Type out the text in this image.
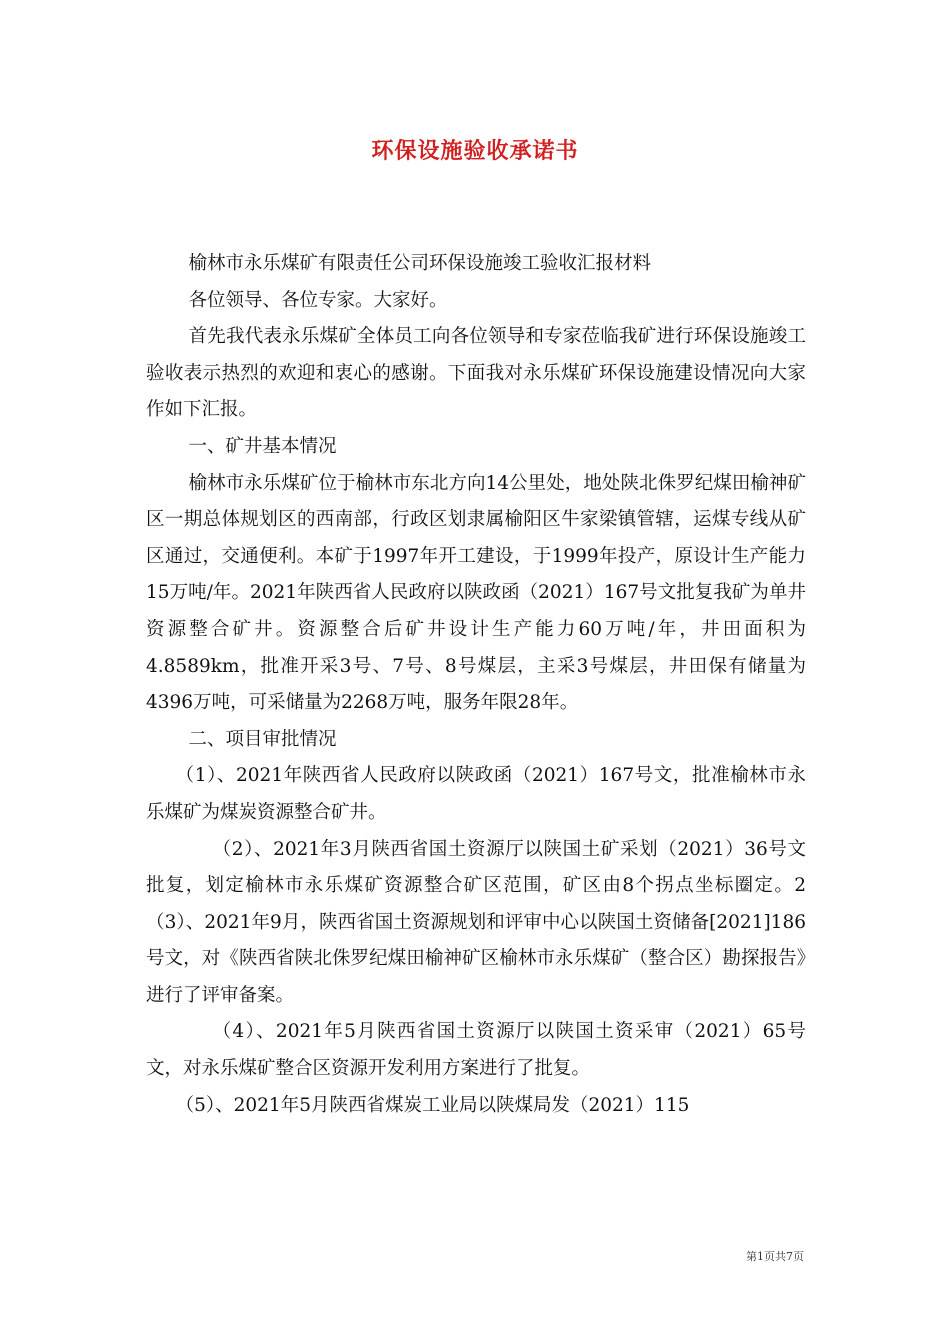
环保设施验收承诺书

榆林市永乐煤矿有限责任公司环保设施竣工验收汇报材料

各位领导、各位专家。大家好。

首先我代表永乐煤矿全体员工向各位领导和专家莅临我矿进行环保设施竣工验收表示热烈的欢迎和衷心的感谢。下面我对永乐煤矿环保设施建设情况向大家作如下汇报。

一、矿井基本情况

榆林市永乐煤矿位于榆林市东北方向14公里处，地处陕北侏罗纪煤田榆神矿区一期总体规划区的西南部，行政区划隶属榆阳区牛家梁镇管辖，运煤专线从矿区通过，交通便利。本矿于1997年开工建设，于1999年投产，原设计生产能力15万吨/年。2021年陕西省人民政府以陕政函（2021）167号文批复我矿为单井资源整合矿井。资源整合后矿井设计生产能力60万吨/年，井田面积为4.8589km，批准开采3号、7号、8号煤层，主采3号煤层，井田保有储量为4396万吨，可采储量为2268万吨，服务年限28年。

二、项目审批情况

（1）、2021年陕西省人民政府以陕政函（2021）167号文，批准榆林市永乐煤矿为煤炭资源整合矿井。

（2）、2021年3月陕西省国土资源厅以陕国土矿采划（2021）36号文批复，划定榆林市永乐煤矿资源整合矿区范围，矿区由8个拐点坐标圈定。2（3）、2021年9月，陕西省国土资源规划和评审中心以陕国土资储备[2021]186号文，对《陕西省陕北侏罗纪煤田榆神矿区榆林市永乐煤矿（整合区）勘探报告》进行了评审备案。

（4）、2021年5月陕西省国土资源厅以陕国土资采审（2021）65号文，对永乐煤矿整合区资源开发利用方案进行了批复。

（5）、2021年5月陕西省煤炭工业局以陕煤局发（2021）115

第1页共7页
